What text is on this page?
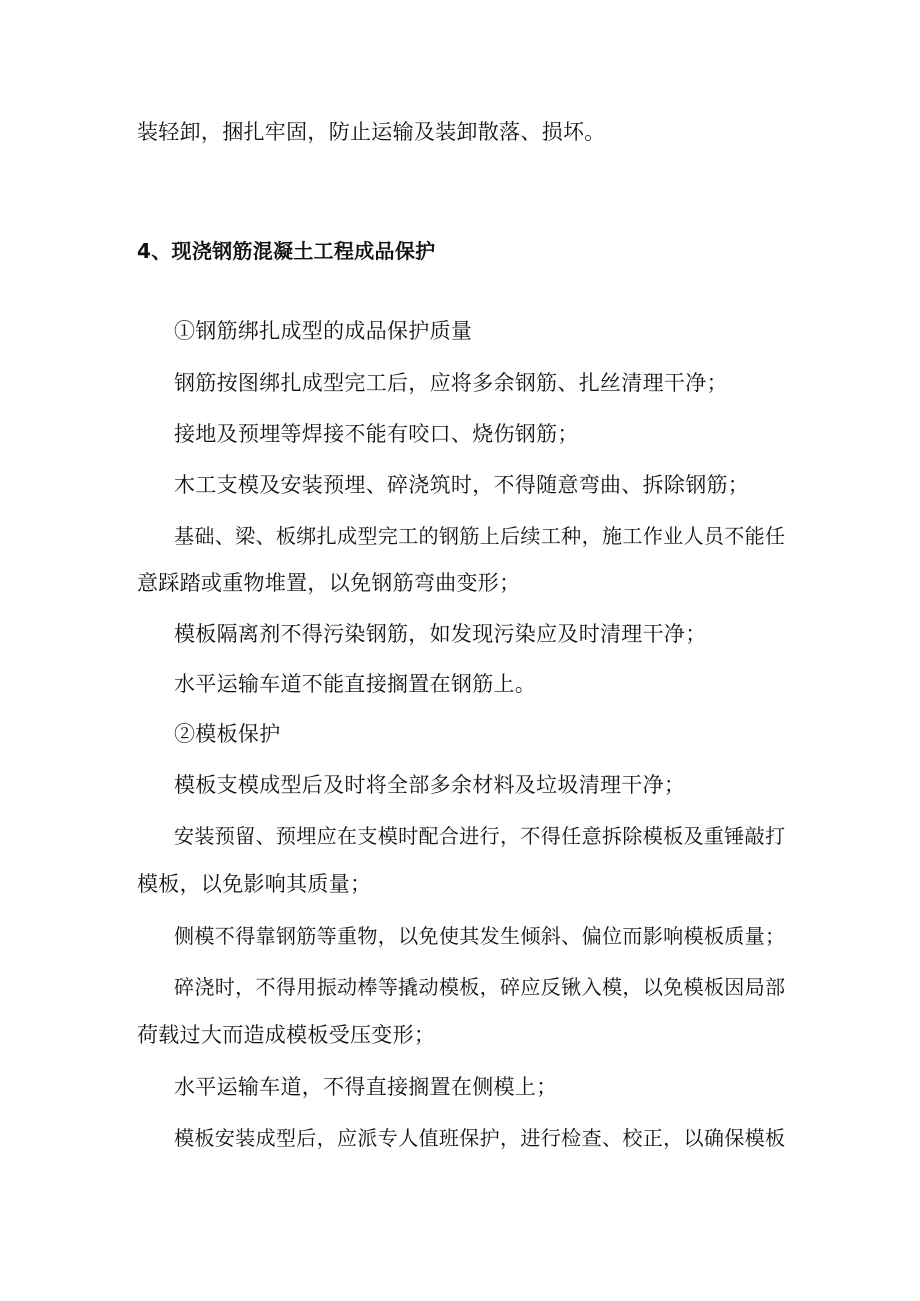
装轻卸，捆扎牢固，防止运输及装卸散落、损坏。
4、现浇钢筋混凝土工程成品保护
①钢筋绑扎成型的成品保护质量
钢筋按图绑扎成型完工后，应将多余钢筋、扎丝清理干净；
接地及预埋等焊接不能有咬口、烧伤钢筋；
木工支模及安装预埋、碎浇筑时，不得随意弯曲、拆除钢筋；
基础、梁、板绑扎成型完工的钢筋上后续工种，施工作业人员不能任
意踩踏或重物堆置，以免钢筋弯曲变形；
模板隔离剂不得污染钢筋，如发现污染应及时清理干净；
水平运输车道不能直接搁置在钢筋上。
②模板保护
模板支模成型后及时将全部多余材料及垃圾清理干净；
安装预留、预埋应在支模时配合进行，不得任意拆除模板及重锤敲打
模板，以免影响其质量；
侧模不得靠钢筋等重物，以免使其发生倾斜、偏位而影响模板质量；
碎浇时，不得用振动棒等撬动模板，碎应反锹入模，以免模板因局部
荷载过大而造成模板受压变形；
水平运输车道，不得直接搁置在侧模上；
模板安装成型后，应派专人值班保护，进行检查、校正，以确保模板
